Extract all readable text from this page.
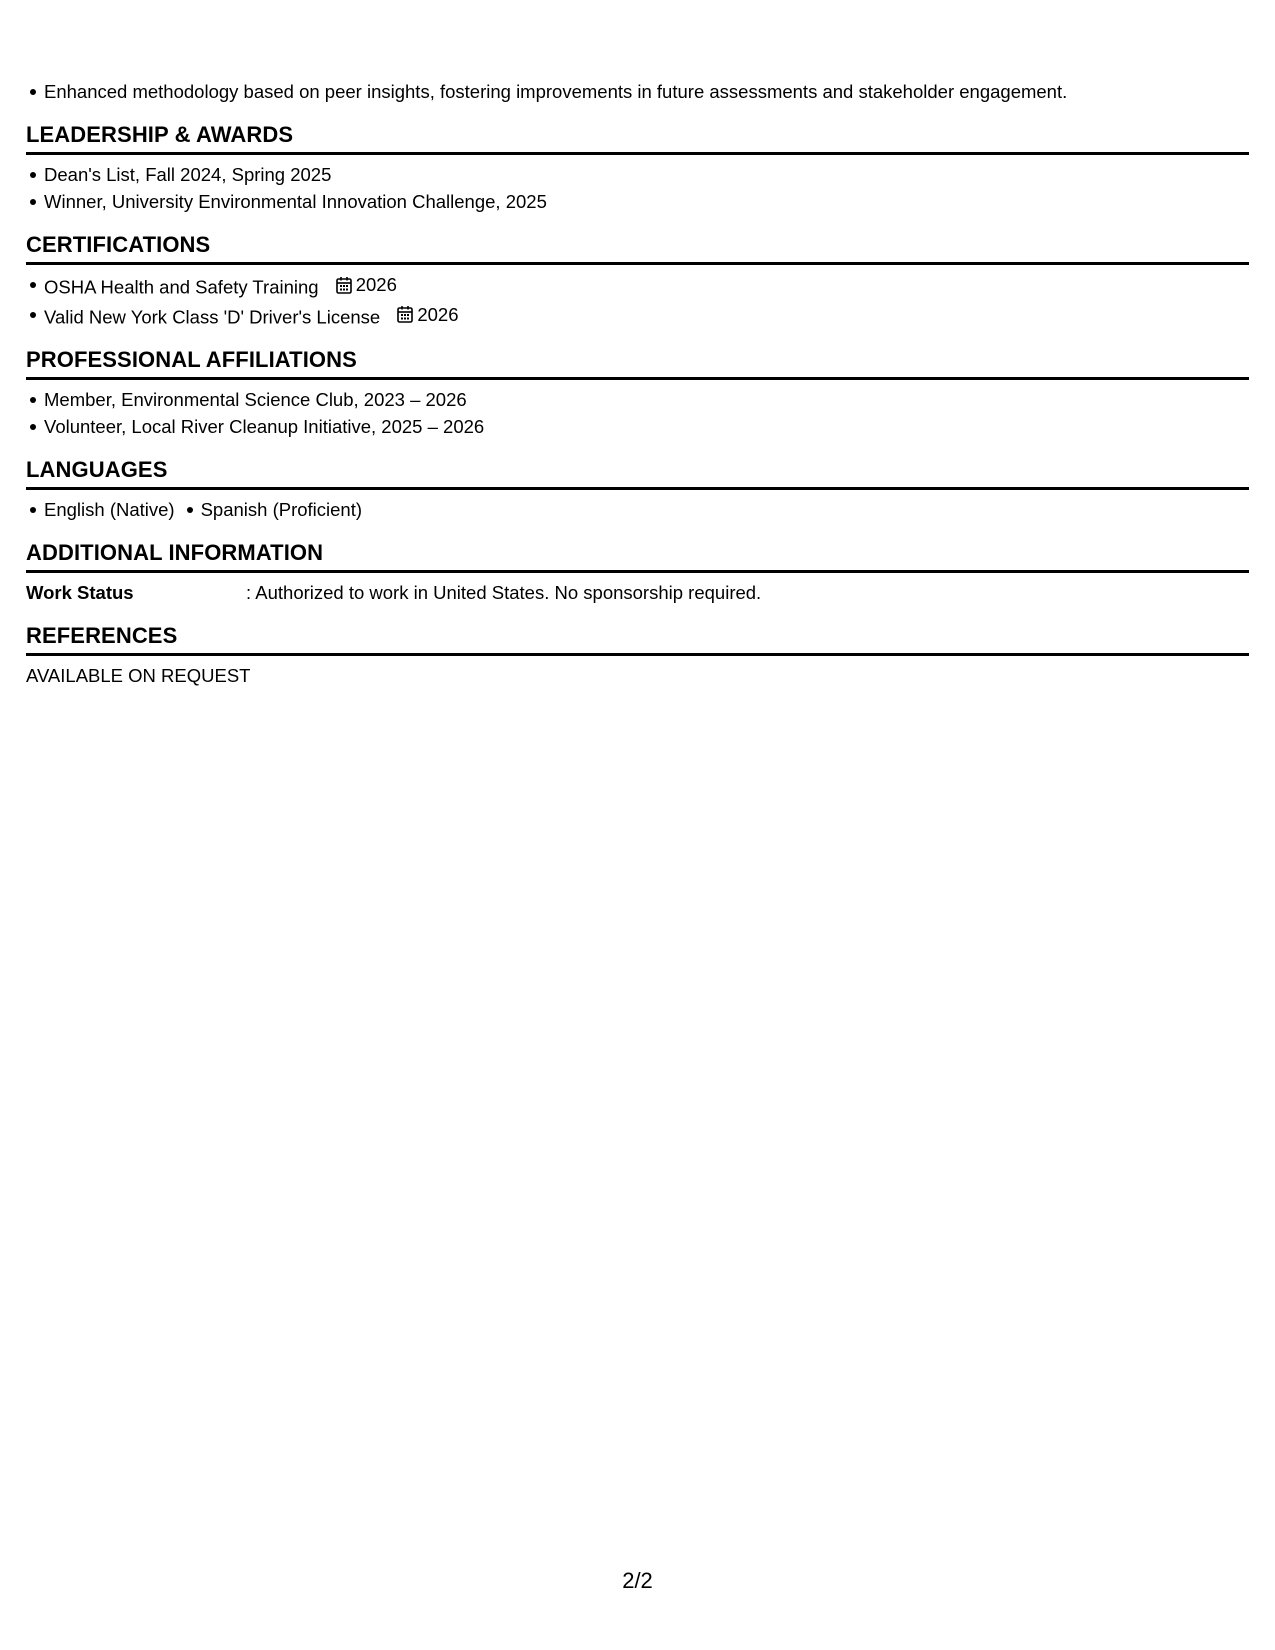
Enhanced methodology based on peer insights, fostering improvements in future assessments and stakeholder engagement.
LEADERSHIP & AWARDS
Dean's List, Fall 2024, Spring 2025
Winner, University Environmental Innovation Challenge, 2025
CERTIFICATIONS
OSHA Health and Safety Training 2026
Valid New York Class 'D' Driver's License 2026
PROFESSIONAL AFFILIATIONS
Member, Environmental Science Club, 2023 – 2026
Volunteer, Local River Cleanup Initiative, 2025 – 2026
LANGUAGES
English (Native) Spanish (Proficient)
ADDITIONAL INFORMATION
Work Status	: Authorized to work in United States. No sponsorship required.
REFERENCES
AVAILABLE ON REQUEST
2/2
